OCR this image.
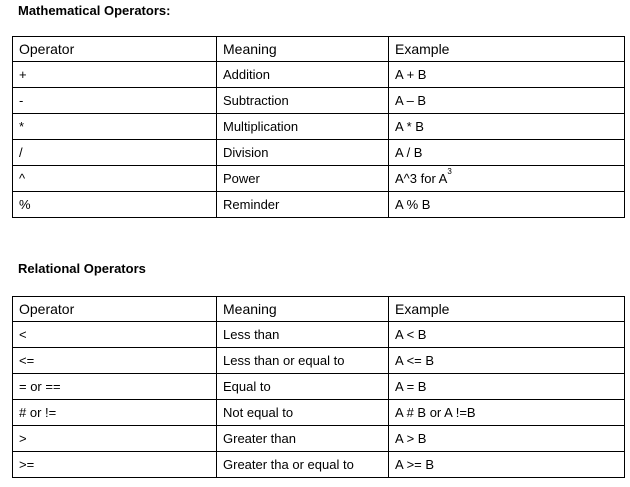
Mathematical Operators:
Operator	Meaning	Example
+	Addition	A + B
-	Subtraction	A – B
*	Multiplication	A * B
/	Division	A / B
^	Power	A^3 for $A^3$
%	Reminder	A % B
Relational Operators
Operator	Meaning	Example
<	Less than	A < B
<=	Less than or equal to	A <= B
= or ==	Equal to	A = B
# or !=	Not equal to	A # B or A !=B
>	Greater than	A > B
>=	Greater tha or equal to	A >= B
